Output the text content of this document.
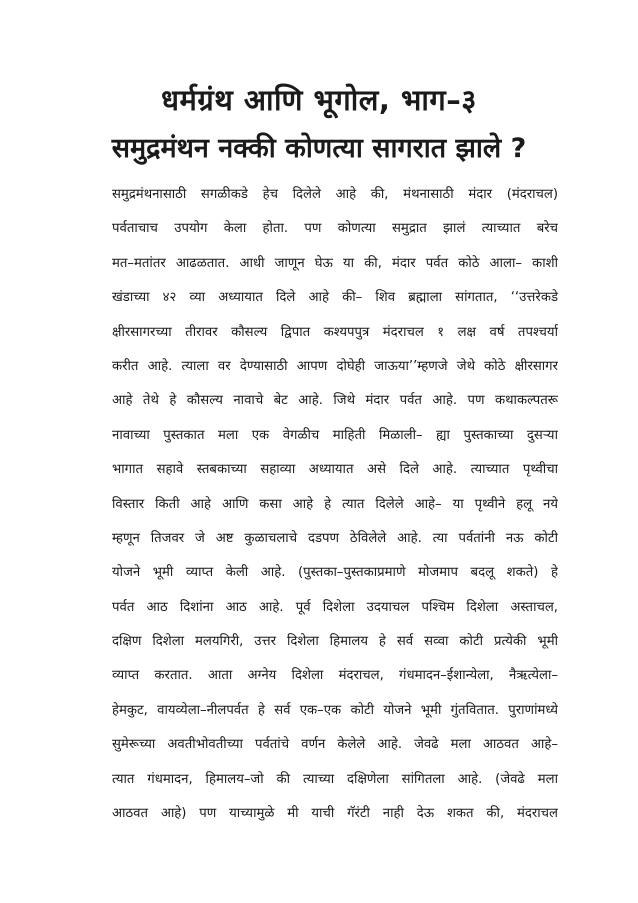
धर्मग्रंथ आणि भूगोल, भाग–३
समुद्रमंथन नक्की कोणत्या सागरात झाले ?
समुद्रमंथनासाठी सगळीकडे हेच दिलेले आहे की, मंथनासाठी मंदार (मंदराचल)
पर्वताचाच उपयोग केला होता. पण कोणत्या समुद्रात झालं त्याच्यात बरेच
मत–मतांतर आढळतात. आधी जाणून घेऊ या की, मंदार पर्वत कोठे आला– काशी
खंडाच्या ४२ व्या अध्यायात दिले आहे की– शिव ब्रह्माला सांगतात, ‘‘उत्तरेकडे
क्षीरसागरच्या तीरावर कौसल्य द्विपात कश्यपपुत्र मंदराचल १ लक्ष वर्ष तपश्चर्या
करीत आहे. त्याला वर देण्यासाठी आपण दोघेही जाऊया’’म्हणजे जेथे कोठे क्षीरसागर
आहे तेथे हे कौसल्य नावाचे बेट आहे. जिथे मंदार पर्वत आहे. पण कथाकल्पतरू
नावाच्या पुस्तकात मला एक वेगळीच माहिती मिळाली– ह्या पुस्तकाच्या दुसऱ्या
भागात सहावे स्तबकाच्या सहाव्या अध्यायात असे दिले आहे. त्याच्यात पृथ्वीचा
विस्तार किती आहे आणि कसा आहे हे त्यात दिलेले आहे– या पृथ्वीने हलू नये
म्हणून तिजवर जे अष्ट कुळाचलाचे दडपण ठेविलेले आहे. त्या पर्वतांनी नऊ कोटी
योजने भूमी व्याप्त केली आहे. (पुस्तका–पुस्तकाप्रमाणे मोजमाप बदलू शकते) हे
पर्वत आठ दिशांना आठ आहे. पूर्व दिशेला उदयाचल पश्चिम दिशेला अस्ताचल,
दक्षिण दिशेला मलयगिरी, उत्तर दिशेला हिमालय हे सर्व सव्वा कोटी प्रत्येकी भूमी
व्याप्त करतात. आता अग्नेय दिशेला मंदराचल, गंधमादन–ईशान्येला, नैऋत्येला–
हेमकुट, वायव्येला–नीलपर्वत हे सर्व एक–एक कोटी योजने भूमी गुंतवितात. पुराणांमध्ये
सुमेरूच्या अवतीभोवतीच्या पर्वतांचे वर्णन केलेले आहे. जेवढे मला आठवत आहे–
त्यात गंधमादन, हिमालय–जो की त्याच्या दक्षिणेला सांगितला आहे. (जेवढे मला
आठवत आहे) पण याच्यामुळे मी याची गॅरंटी नाही देऊ शकत की, मंदराचल
